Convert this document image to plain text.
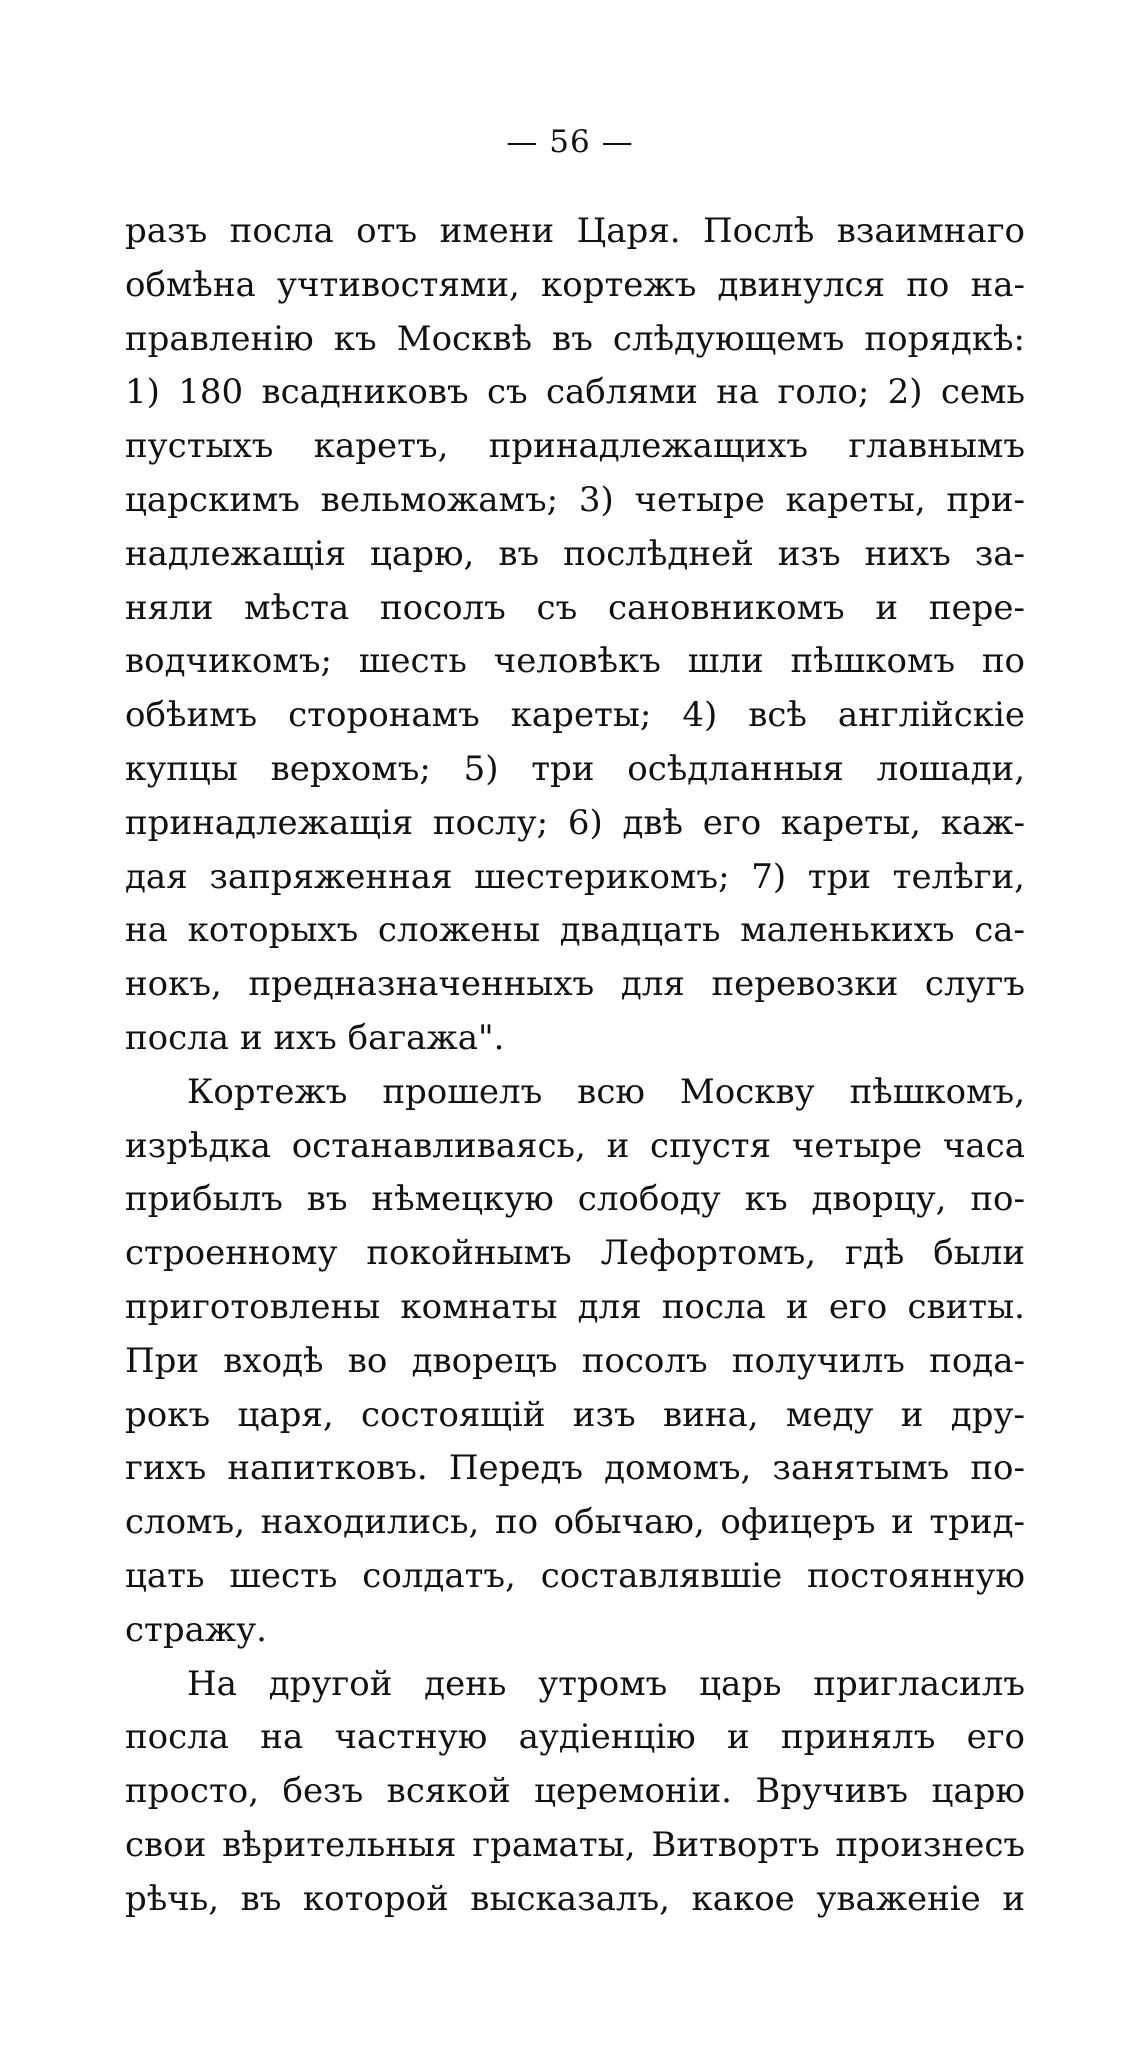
— 56 —
разъ посла отъ имени Царя. Послѣ взаимнаго
обмѣна учтивостями, кортежъ двинулся по на-
правленію къ Москвѣ въ слѣдующемъ порядкѣ:
1) 180 всадниковъ съ саблями на голо; 2) семь
пустыхъ каретъ, принадлежащихъ главнымъ
царскимъ вельможамъ; 3) четыре кареты, при-
надлежащія царю, въ послѣдней изъ нихъ за-
няли мѣста посолъ съ сановникомъ и пере-
водчикомъ; шесть человѣкъ шли пѣшкомъ по
обѣимъ сторонамъ кареты; 4) всѣ англійскіе
купцы верхомъ; 5) три осѣдланныя лошади,
принадлежащія послу; 6) двѣ его кареты, каж-
дая запряженная шестерикомъ; 7) три телѣги,
на которыхъ сложены двадцать маленькихъ са-
нокъ, предназначенныхъ для перевозки слугъ
посла и ихъ багажа".
Кортежъ прошелъ всю Москву пѣшкомъ,
изрѣдка останавливаясь, и спустя четыре часа
прибылъ въ нѣмецкую слободу къ дворцу, по-
строенному покойнымъ Лефортомъ, гдѣ были
приготовлены комнаты для посла и его свиты.
При входѣ во дворецъ посолъ получилъ пода-
рокъ царя, состоящій изъ вина, меду и дру-
гихъ напитковъ. Передъ домомъ, занятымъ по-
сломъ, находились, по обычаю, офицеръ и трид-
цать шесть солдатъ, составлявшіе постоянную
стражу.
На другой день утромъ царь пригласилъ
посла на частную аудіенцію и принялъ его
просто, безъ всякой церемоніи. Вручивъ царю
свои вѣрительныя граматы, Витвортъ произнесъ
рѣчь, въ которой высказалъ, какое уваженіе и
